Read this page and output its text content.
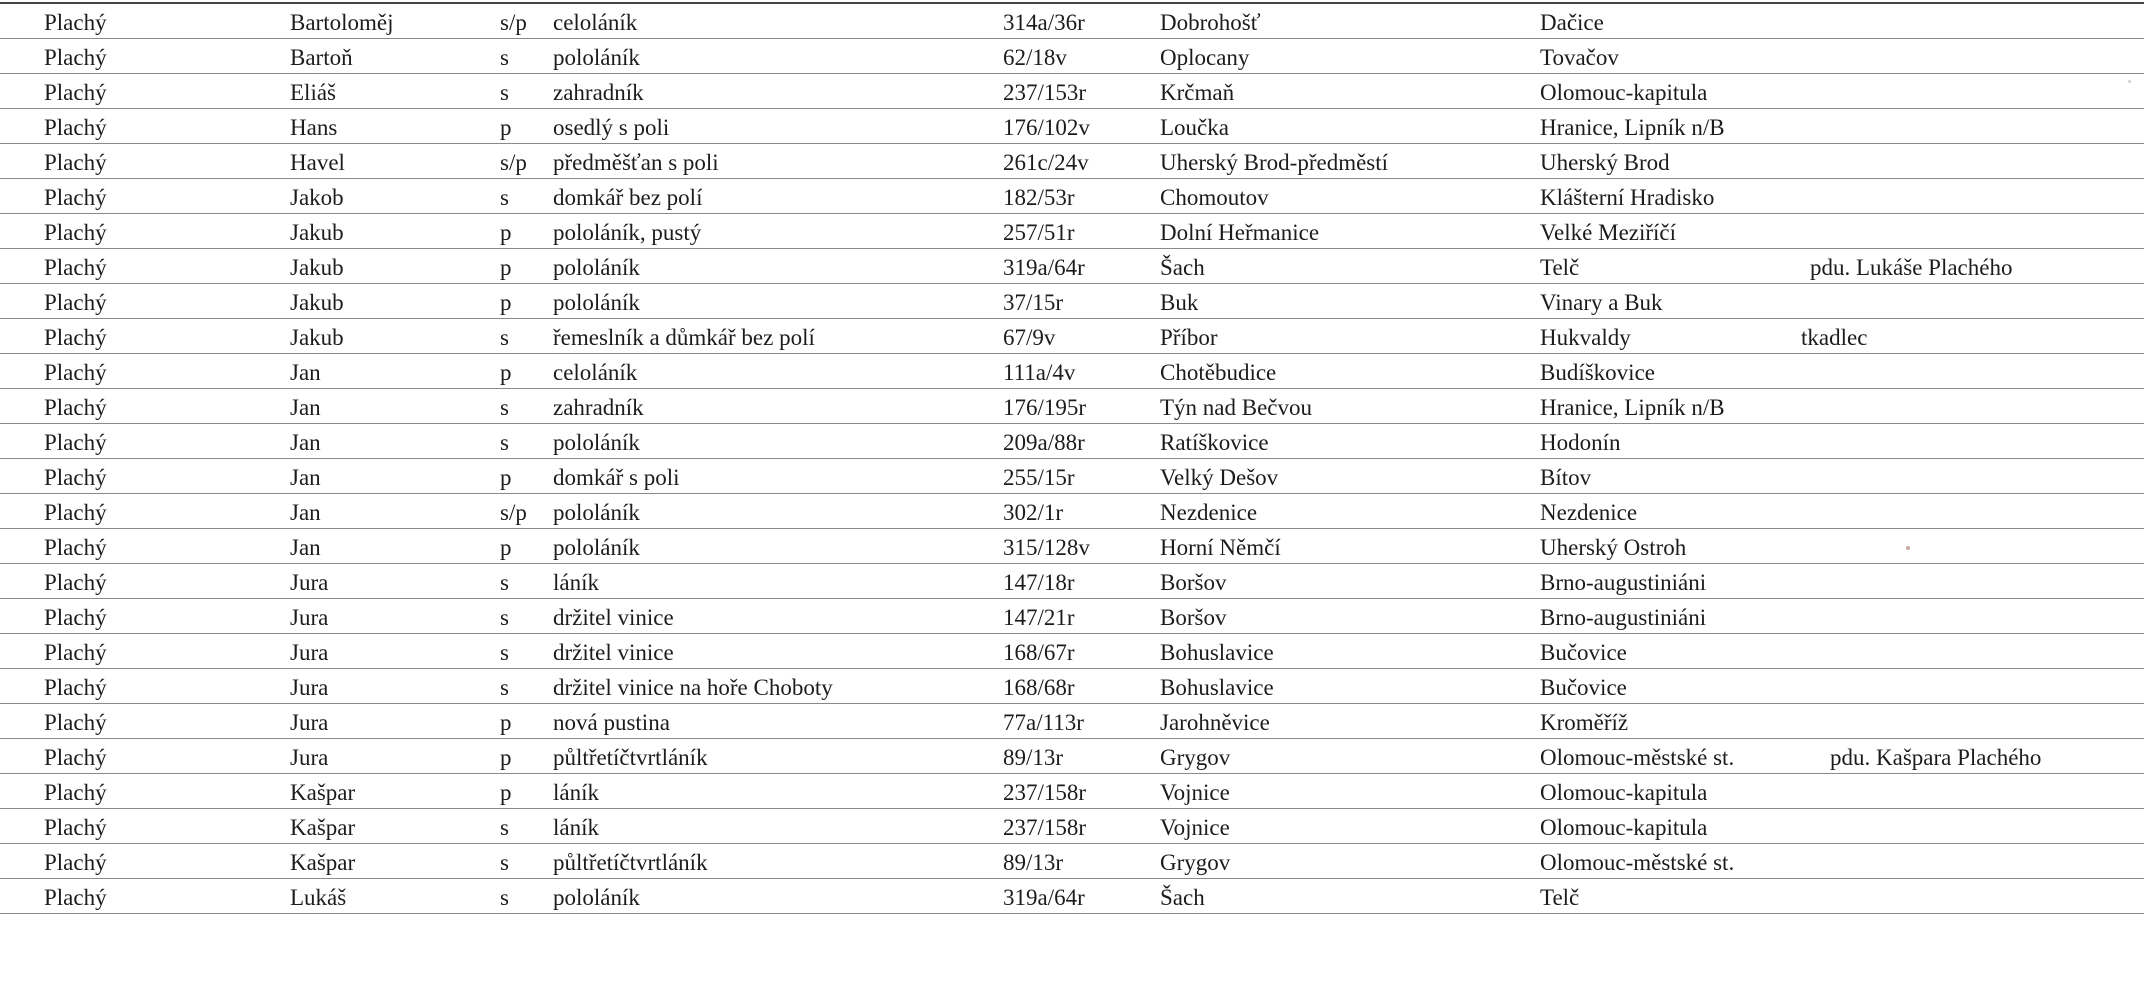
Plachý	Bartoloměj	s/p celoláník	314a/36r	Dobrohošť	Dačice
Plachý	Bartoň	s pololáník	62/18v	Oplocany	Tovačov
Plachý	Eliáš	s zahradník	237/153r	Krčmaň	Olomouc-kapitula
Plachý	Hans	p osedlý s poli	176/102v	Loučka	Hranice, Lipník n/B
Plachý	Havel	s/p předměšťan s poli	261c/24v	Uherský Brod-předměstí	Uherský Brod
Plachý	Jakob	s domkář bez polí	182/53r	Chomoutov	Klášterní Hradisko
Plachý	Jakub	p pololáník, pustý	257/51r	Dolní Heřmanice	Velké Meziříčí
Plachý	Jakub	p pololáník	319a/64r	Šach	Telč	pdu. Lukáše Plachého
Plachý	Jakub	p pololáník	37/15r	Buk	Vinary a Buk
Plachý	Jakub	s řemeslník a důmkář bez polí	67/9v	Příbor	Hukvaldy	tkadlec
Plachý	Jan	p celoláník	111a/4v	Chotěbudice	Budíškovice
Plachý	Jan	s zahradník	176/195r	Týn nad Bečvou	Hranice, Lipník n/B
Plachý	Jan	s pololáník	209a/88r	Ratíškovice	Hodonín
Plachý	Jan	p domkář s poli	255/15r	Velký Dešov	Bítov
Plachý	Jan	s/p pololáník	302/1r	Nezdenice	Nezdenice
Plachý	Jan	p pololáník	315/128v	Horní Němčí	Uherský Ostroh
Plachý	Jura	s láník	147/18r	Boršov	Brno-augustiniáni
Plachý	Jura	s držitel vinice	147/21r	Boršov	Brno-augustiniáni
Plachý	Jura	s držitel vinice	168/67r	Bohuslavice	Bučovice
Plachý	Jura	s držitel vinice na hoře Choboty	168/68r	Bohuslavice	Bučovice
Plachý	Jura	p nová pustina	77a/113r	Jarohněvice	Kroměříž
Plachý	Jura	p půltřetíčtvrtláník	89/13r	Grygov	Olomouc-městské st.	pdu. Kašpara Plachého
Plachý	Kašpar	p láník	237/158r	Vojnice	Olomouc-kapitula
Plachý	Kašpar	s láník	237/158r	Vojnice	Olomouc-kapitula
Plachý	Kašpar	s půltřetíčtvrtláník	89/13r	Grygov	Olomouc-městské st.
Plachý	Lukáš	s pololáník	319a/64r	Šach	Telč
